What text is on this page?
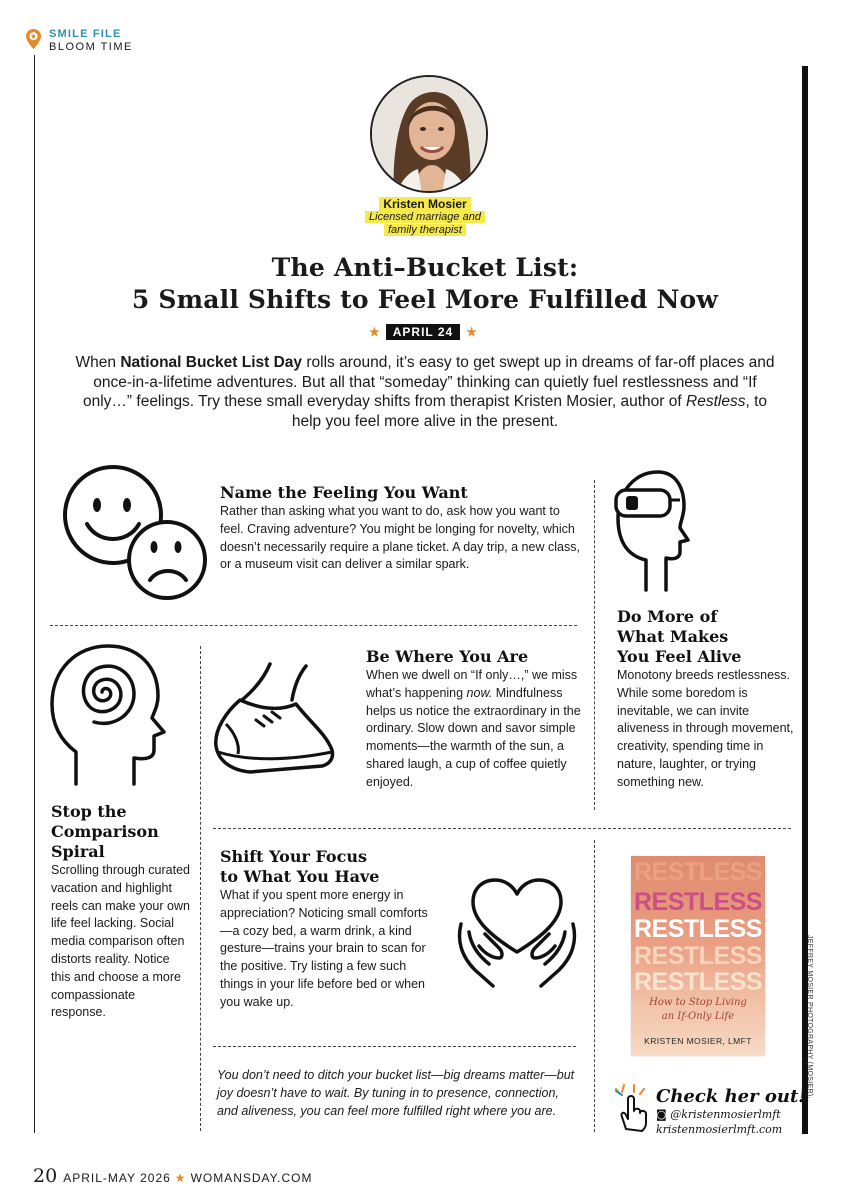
SMILE FILE
BLOOM TIME
Kristen Mosier
Licensed marriage and
family therapist
The Anti–Bucket List:
5 Small Shifts to Feel More Fulfilled Now
★ APRIL 24 ★
When National Bucket List Day rolls around, it’s easy to get swept up in dreams of far-off places and once-in-a-lifetime adventures. But all that “someday” thinking can quietly fuel restlessness and “If only…” feelings. Try these small everyday shifts from therapist Kristen Mosier, author of Restless, to help you feel more alive in the present.
Name the Feeling You Want
Rather than asking what you want to do, ask how you want to feel. Craving adventure? You might be longing for novelty, which doesn’t necessarily require a plane ticket. A day trip, a new class, or a museum visit can deliver a similar spark.
Do More of
What Makes
You Feel Alive
Monotony breeds restlessness. While some boredom is inevitable, we can invite aliveness in through movement, creativity, spending time in nature, laughter, or trying something new.
Stop the
Comparison
Spiral
Scrolling through curated vacation and highlight reels can make your own life feel lacking. Social media comparison often distorts reality. Notice this and choose a more compassionate response.
Be Where You Are
When we dwell on “If only…,” we miss what’s happening now. Mindfulness helps us notice the extraordinary in the ordinary. Slow down and savor simple moments—the warmth of the sun, a shared laugh, a cup of coffee quietly enjoyed.
Shift Your Focus
to What You Have
What if you spent more energy in appreciation? Noticing small comforts—a cozy bed, a warm drink, a kind gesture—trains your brain to scan for the positive. Try listing a few such things in your life before bed or when you wake up.
You don’t need to ditch your bucket list—big dreams matter—but joy doesn’t have to wait. By tuning in to presence, connection, and aliveness, you can feel more fulfilled right where you are.
RESTLESS
RESTLESS
RESTLESS
RESTLESS
RESTLESS
How to Stop Living
an If-Only Life
KRISTEN MOSIER, LMFT
Check her out!
◙ @kristenmosierlmft
kristenmosierlmft.com
JEFFREY MOSIER PHOTOGRAPHY (MOSIER).
20 APRIL-MAY 2026 ★ WOMANSDAY.COM
